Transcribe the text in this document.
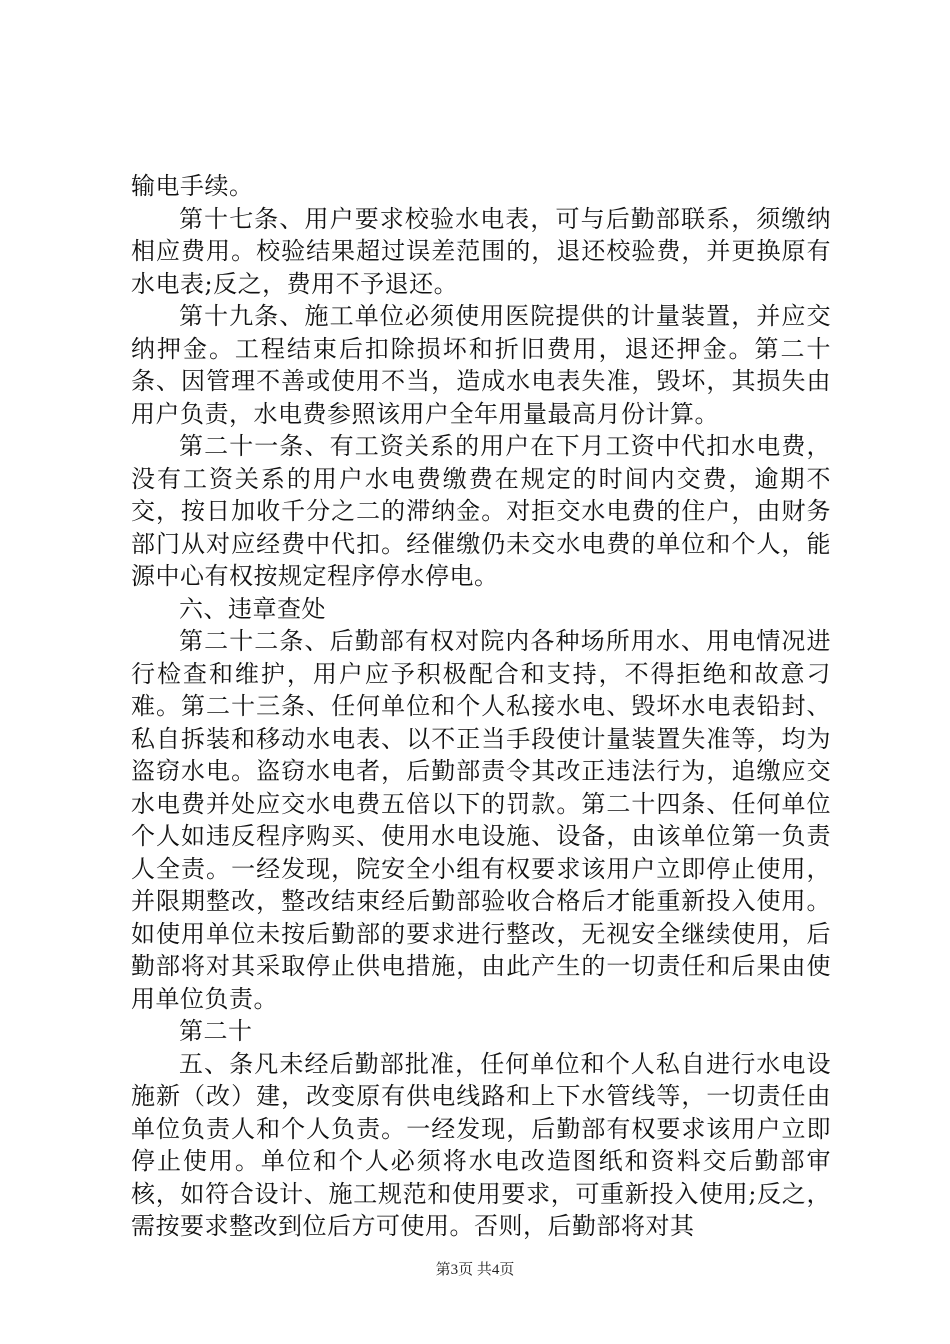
输电手续。

第十七条、用户要求校验水电表，可与后勤部联系，须缴纳相应费用。校验结果超过误差范围的，退还校验费，并更换原有水电表;反之，费用不予退还。

第十九条、施工单位必须使用医院提供的计量装置，并应交纳押金。工程结束后扣除损坏和折旧费用，退还押金。第二十条、因管理不善或使用不当，造成水电表失准，毁坏，其损失由用户负责，水电费参照该用户全年用量最高月份计算。

第二十一条、有工资关系的用户在下月工资中代扣水电费，没有工资关系的用户水电费缴费在规定的时间内交费，逾期不交，按日加收千分之二的滞纳金。对拒交水电费的住户，由财务部门从对应经费中代扣。经催缴仍未交水电费的单位和个人，能源中心有权按规定程序停水停电。

六、违章查处

第二十二条、后勤部有权对院内各种场所用水、用电情况进行检查和维护，用户应予积极配合和支持，不得拒绝和故意刁难。第二十三条、任何单位和个人私接水电、毁坏水电表铅封、私自拆装和移动水电表、以不正当手段使计量装置失准等，均为盗窃水电。盗窃水电者，后勤部责令其改正违法行为，追缴应交水电费并处应交水电费五倍以下的罚款。第二十四条、任何单位个人如违反程序购买、使用水电设施、设备，由该单位第一负责人全责。一经发现，院安全小组有权要求该用户立即停止使用，并限期整改，整改结束经后勤部验收合格后才能重新投入使用。如使用单位未按后勤部的要求进行整改，无视安全继续使用，后勤部将对其采取停止供电措施，由此产生的一切责任和后果由使用单位负责。

第二十

五、条凡未经后勤部批准，任何单位和个人私自进行水电设施新（改）建，改变原有供电线路和上下水管线等，一切责任由单位负责人和个人负责。一经发现，后勤部有权要求该用户立即停止使用。单位和个人必须将水电改造图纸和资料交后勤部审核，如符合设计、施工规范和使用要求，可重新投入使用;反之，需按要求整改到位后方可使用。否则，后勤部将对其

第3页 共4页
